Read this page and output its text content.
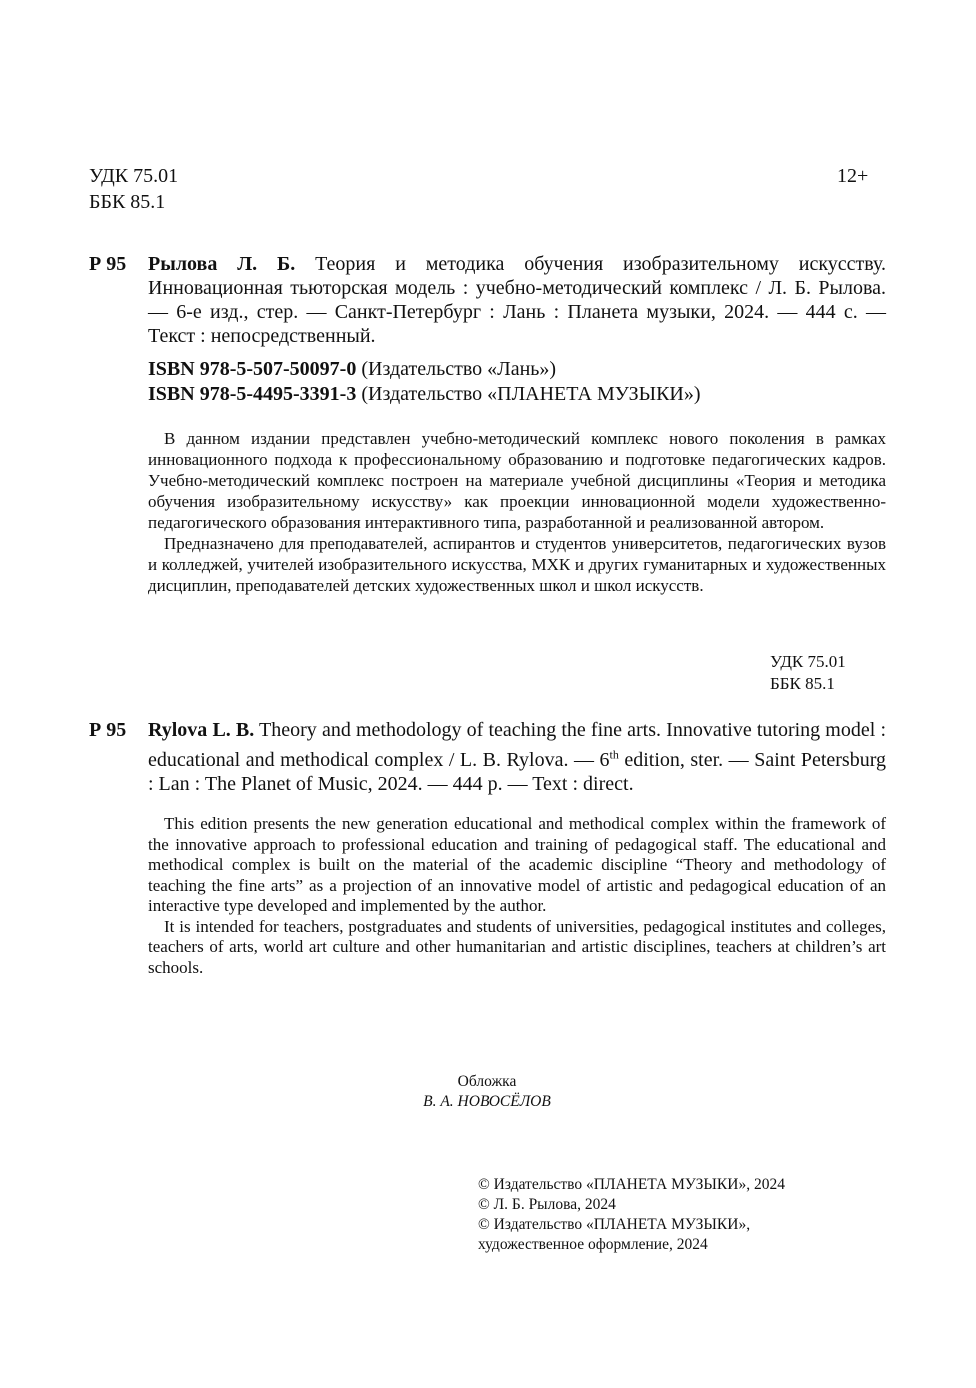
УДК 75.01
ББК 85.1
12+
Р 95 Рылова Л. Б. Теория и методика обучения изобразительному искусству. Инновационная тьюторская модель : учебно-методический комплекс / Л. Б. Рылова. — 6-е изд., стер. — Санкт-Петербург : Лань : Планета музыки, 2024. — 444 с. — Текст : непосредственный.
ISBN 978-5-507-50097-0 (Издательство «Лань»)
ISBN 978-5-4495-3391-3 (Издательство «ПЛАНЕТА МУЗЫКИ»)

В данном издании представлен учебно-методический комплекс нового поколения в рамках инновационного подхода к профессиональному образованию и подготовке педагогических кадров. Учебно-методический комплекс построен на материале учебной дисциплины «Теория и методика обучения изобразительному искусству» как проекции инновационной модели художественно-педагогического образования интерактивного типа, разработанной и реализованной автором.

Предназначено для преподавателей, аспирантов и студентов университетов, педагогических вузов и колледжей, учителей изобразительного искусства, МХК и других гуманитарных и художественных дисциплин, преподавателей детских художественных школ и школ искусств.

УДК 75.01
ББК 85.1
Р 95 Rylova L. B. Theory and methodology of teaching the fine arts. Innovative tutoring model : educational and methodical complex / L. B. Rylova. — 6th edition, ster. — Saint Petersburg : Lan : The Planet of Music, 2024. — 444 p. — Text : direct.

This edition presents the new generation educational and methodical complex within the framework of the innovative approach to professional education and training of pedagogical staff. The educational and methodical complex is built on the material of the academic discipline “Theory and methodology of teaching the fine arts” as a projection of an innovative model of artistic and pedagogical education of an interactive type developed and implemented by the author.

It is intended for teachers, postgraduates and students of universities, pedagogical institutes and colleges, teachers of arts, world art culture and other humanitarian and artistic disciplines, teachers at children’s art schools.

Обложка
В. А. НОВОСЁЛОВ
© Издательство «ПЛАНЕТА МУЗЫКИ», 2024
© Л. Б. Рылова, 2024
© Издательство «ПЛАНЕТА МУЗЫКИ»,
художественное оформление, 2024
